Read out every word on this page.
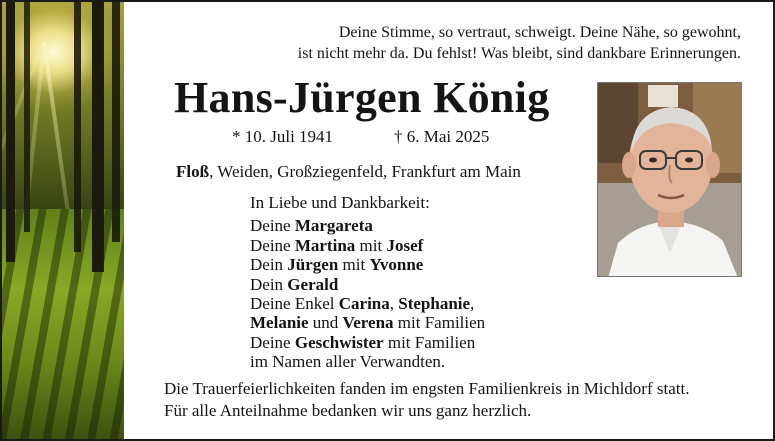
Deine Stimme, so vertraut, schweigt. Deine Nähe, so gewohnt,
ist nicht mehr da. Du fehlst! Was bleibt, sind dankbare Erinnerungen.
Hans-Jürgen König
* 10. Juli 1941	† 6. Mai 2025
Floß, Weiden, Großziegenfeld, Frankfurt am Main
In Liebe und Dankbarkeit:
Deine Margareta
Deine Martina mit Josef
Dein Jürgen mit Yvonne
Dein Gerald
Deine Enkel Carina, Stephanie,
Melanie und Verena mit Familien
Deine Geschwister mit Familien
im Namen aller Verwandten.
Die Trauerfeierlichkeiten fanden im engsten Familienkreis in Michldorf statt.
Für alle Anteilnahme bedanken wir uns ganz herzlich.
